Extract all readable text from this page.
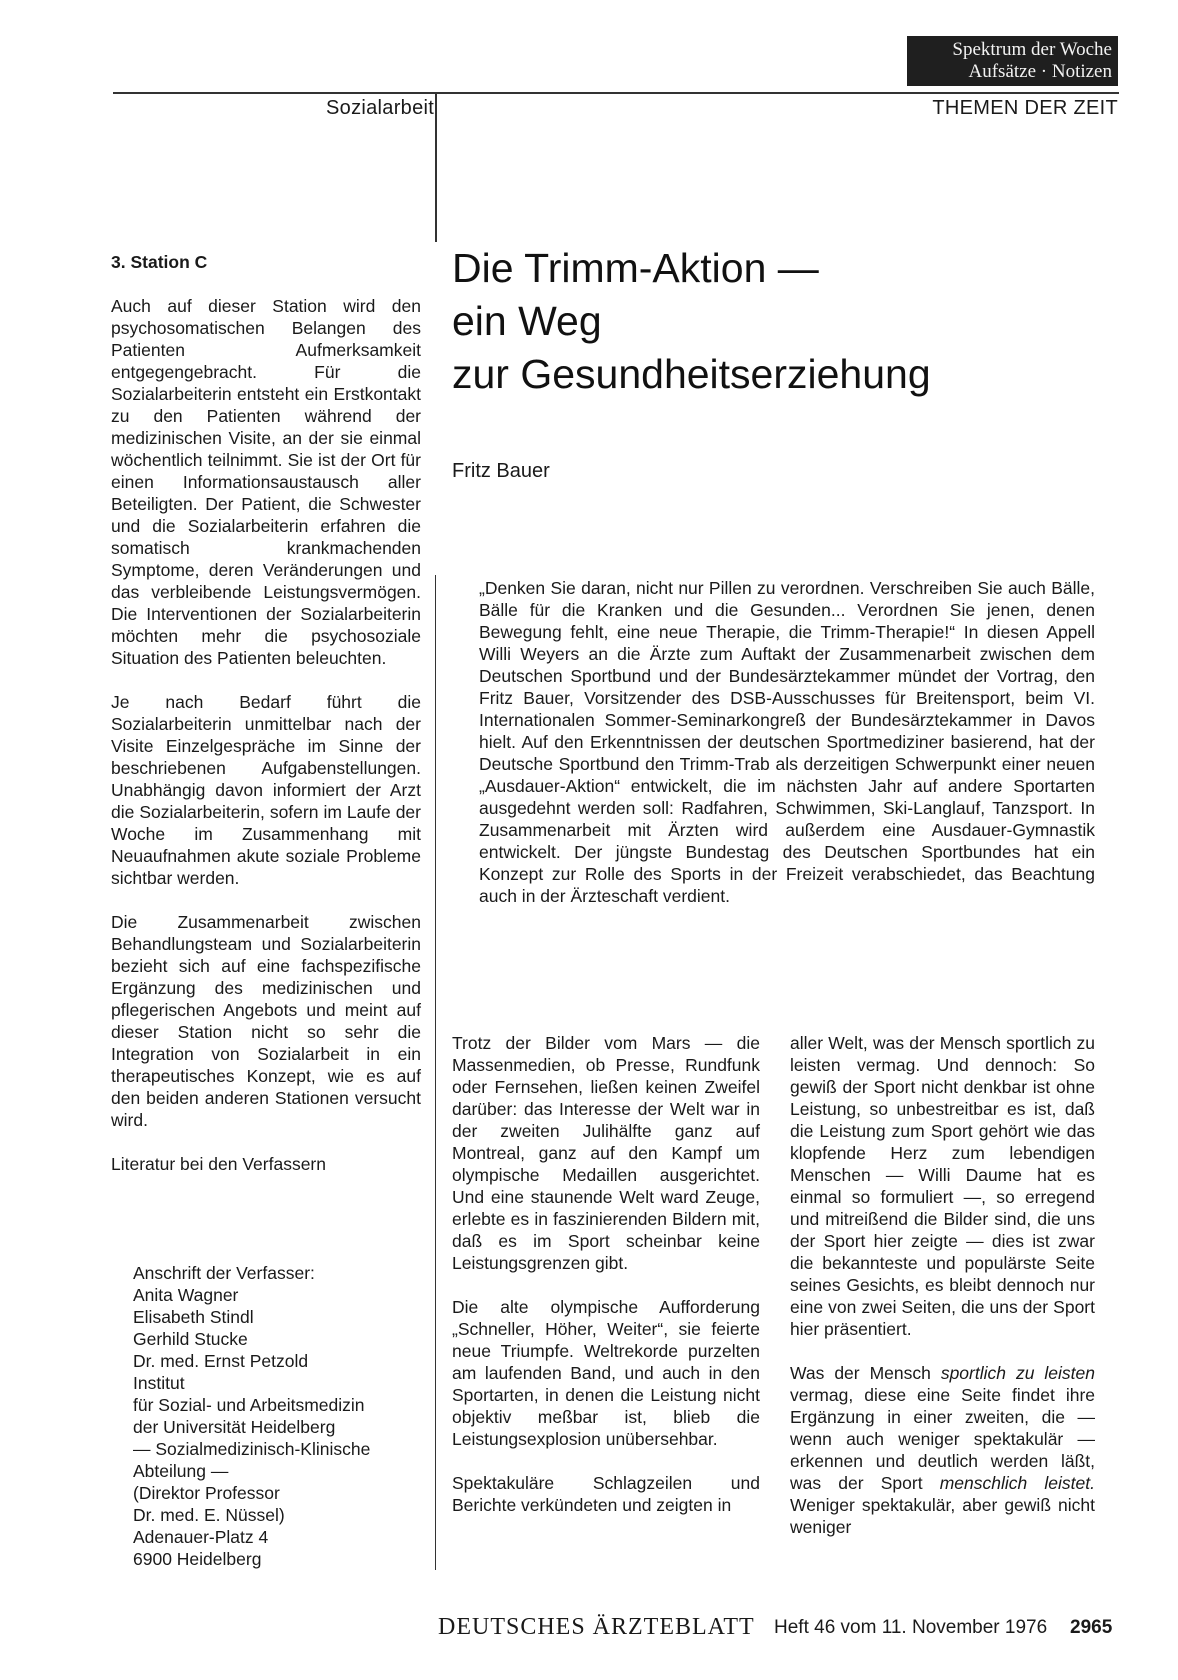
Spektrum der Woche
Aufsätze · Notizen
Sozialarbeit	THEMEN DER ZEIT
3. Station C

Auch auf dieser Station wird den psychosomatischen Belangen des Patienten Aufmerksamkeit entgegengebracht. Für die Sozialarbeiterin entsteht ein Erstkontakt zu den Patienten während der medizinischen Visite, an der sie einmal wöchentlich teilnimmt. Sie ist der Ort für einen Informationsaustausch aller Beteiligten. Der Patient, die Schwester und die Sozialarbeiterin erfahren die somatisch krankmachenden Symptome, deren Veränderungen und das verbleibende Leistungsvermögen. Die Interventionen der Sozialarbeiterin möchten mehr die psychosoziale Situation des Patienten beleuchten.

Je nach Bedarf führt die Sozialarbeiterin unmittelbar nach der Visite Einzelgespräche im Sinne der beschriebenen Aufgabenstellungen. Unabhängig davon informiert der Arzt die Sozialarbeiterin, sofern im Laufe der Woche im Zusammenhang mit Neuaufnahmen akute soziale Probleme sichtbar werden.

Die Zusammenarbeit zwischen Behandlungsteam und Sozialarbeiterin bezieht sich auf eine fachspezifische Ergänzung des medizinischen und pflegerischen Angebots und meint auf dieser Station nicht so sehr die Integration von Sozialarbeit in ein therapeutisches Konzept, wie es auf den beiden anderen Stationen versucht wird.

Literatur bei den Verfassern
Anschrift der Verfasser:
Anita Wagner
Elisabeth Stindl
Gerhild Stucke
Dr. med. Ernst Petzold
Institut
für Sozial- und Arbeitsmedizin
der Universität Heidelberg
— Sozialmedizinisch-Klinische
Abteilung —
(Direktor Professor
Dr. med. E. Nüssel)
Adenauer-Platz 4
6900 Heidelberg
Die Trimm-Aktion —
ein Weg
zur Gesundheitserziehung
Fritz Bauer

„Denken Sie daran, nicht nur Pillen zu verordnen. Verschreiben Sie auch Bälle, Bälle für die Kranken und die Gesunden... Verordnen Sie jenen, denen Bewegung fehlt, eine neue Therapie, die Trimm-Therapie!“ In diesen Appell Willi Weyers an die Ärzte zum Auftakt der Zusammenarbeit zwischen dem Deutschen Sportbund und der Bundesärztekammer mündet der Vortrag, den Fritz Bauer, Vorsitzender des DSB-Ausschusses für Breitensport, beim VI. Internationalen Sommer-Seminarkongreß der Bundesärztekammer in Davos hielt. Auf den Erkenntnissen der deutschen Sportmediziner basierend, hat der Deutsche Sportbund den Trimm-Trab als derzeitigen Schwerpunkt einer neuen „Ausdauer-Aktion“ entwickelt, die im nächsten Jahr auf andere Sportarten ausgedehnt werden soll: Radfahren, Schwimmen, Ski-Langlauf, Tanzsport. In Zusammenarbeit mit Ärzten wird außerdem eine Ausdauer-Gymnastik entwickelt. Der jüngste Bundestag des Deutschen Sportbundes hat ein Konzept zur Rolle des Sports in der Freizeit verabschiedet, das Beachtung auch in der Ärzteschaft verdient.

Trotz der Bilder vom Mars — die Massenmedien, ob Presse, Rundfunk oder Fernsehen, ließen keinen Zweifel darüber: das Interesse der Welt war in der zweiten Julihälfte ganz auf Montreal, ganz auf den Kampf um olympische Medaillen ausgerichtet. Und eine staunende Welt ward Zeuge, erlebte es in faszinierenden Bildern mit, daß es im Sport scheinbar keine Leistungsgrenzen gibt.

Die alte olympische Aufforderung „Schneller, Höher, Weiter“, sie feierte neue Triumpfe. Weltrekorde purzelten am laufenden Band, und auch in den Sportarten, in denen die Leistung nicht objektiv meßbar ist, blieb die Leistungsexplosion unübersehbar.

Spektakuläre Schlagzeilen und Berichte verkündeten und zeigten in

aller Welt, was der Mensch sportlich zu leisten vermag. Und dennoch: So gewiß der Sport nicht denkbar ist ohne Leistung, so unbestreitbar es ist, daß die Leistung zum Sport gehört wie das klopfende Herz zum lebendigen Menschen — Willi Daume hat es einmal so formuliert —, so erregend und mitreißend die Bilder sind, die uns der Sport hier zeigte — dies ist zwar die bekannteste und populärste Seite seines Gesichts, es bleibt dennoch nur eine von zwei Seiten, die uns der Sport hier präsentiert.

Was der Mensch sportlich zu leisten vermag, diese eine Seite findet ihre Ergänzung in einer zweiten, die — wenn auch weniger spektakulär — erkennen und deutlich werden läßt, was der Sport menschlich leistet. Weniger spektakulär, aber gewiß nicht weniger

DEUTSCHES ÄRZTEBLATT Heft 46 vom 11. November 1976 2965
